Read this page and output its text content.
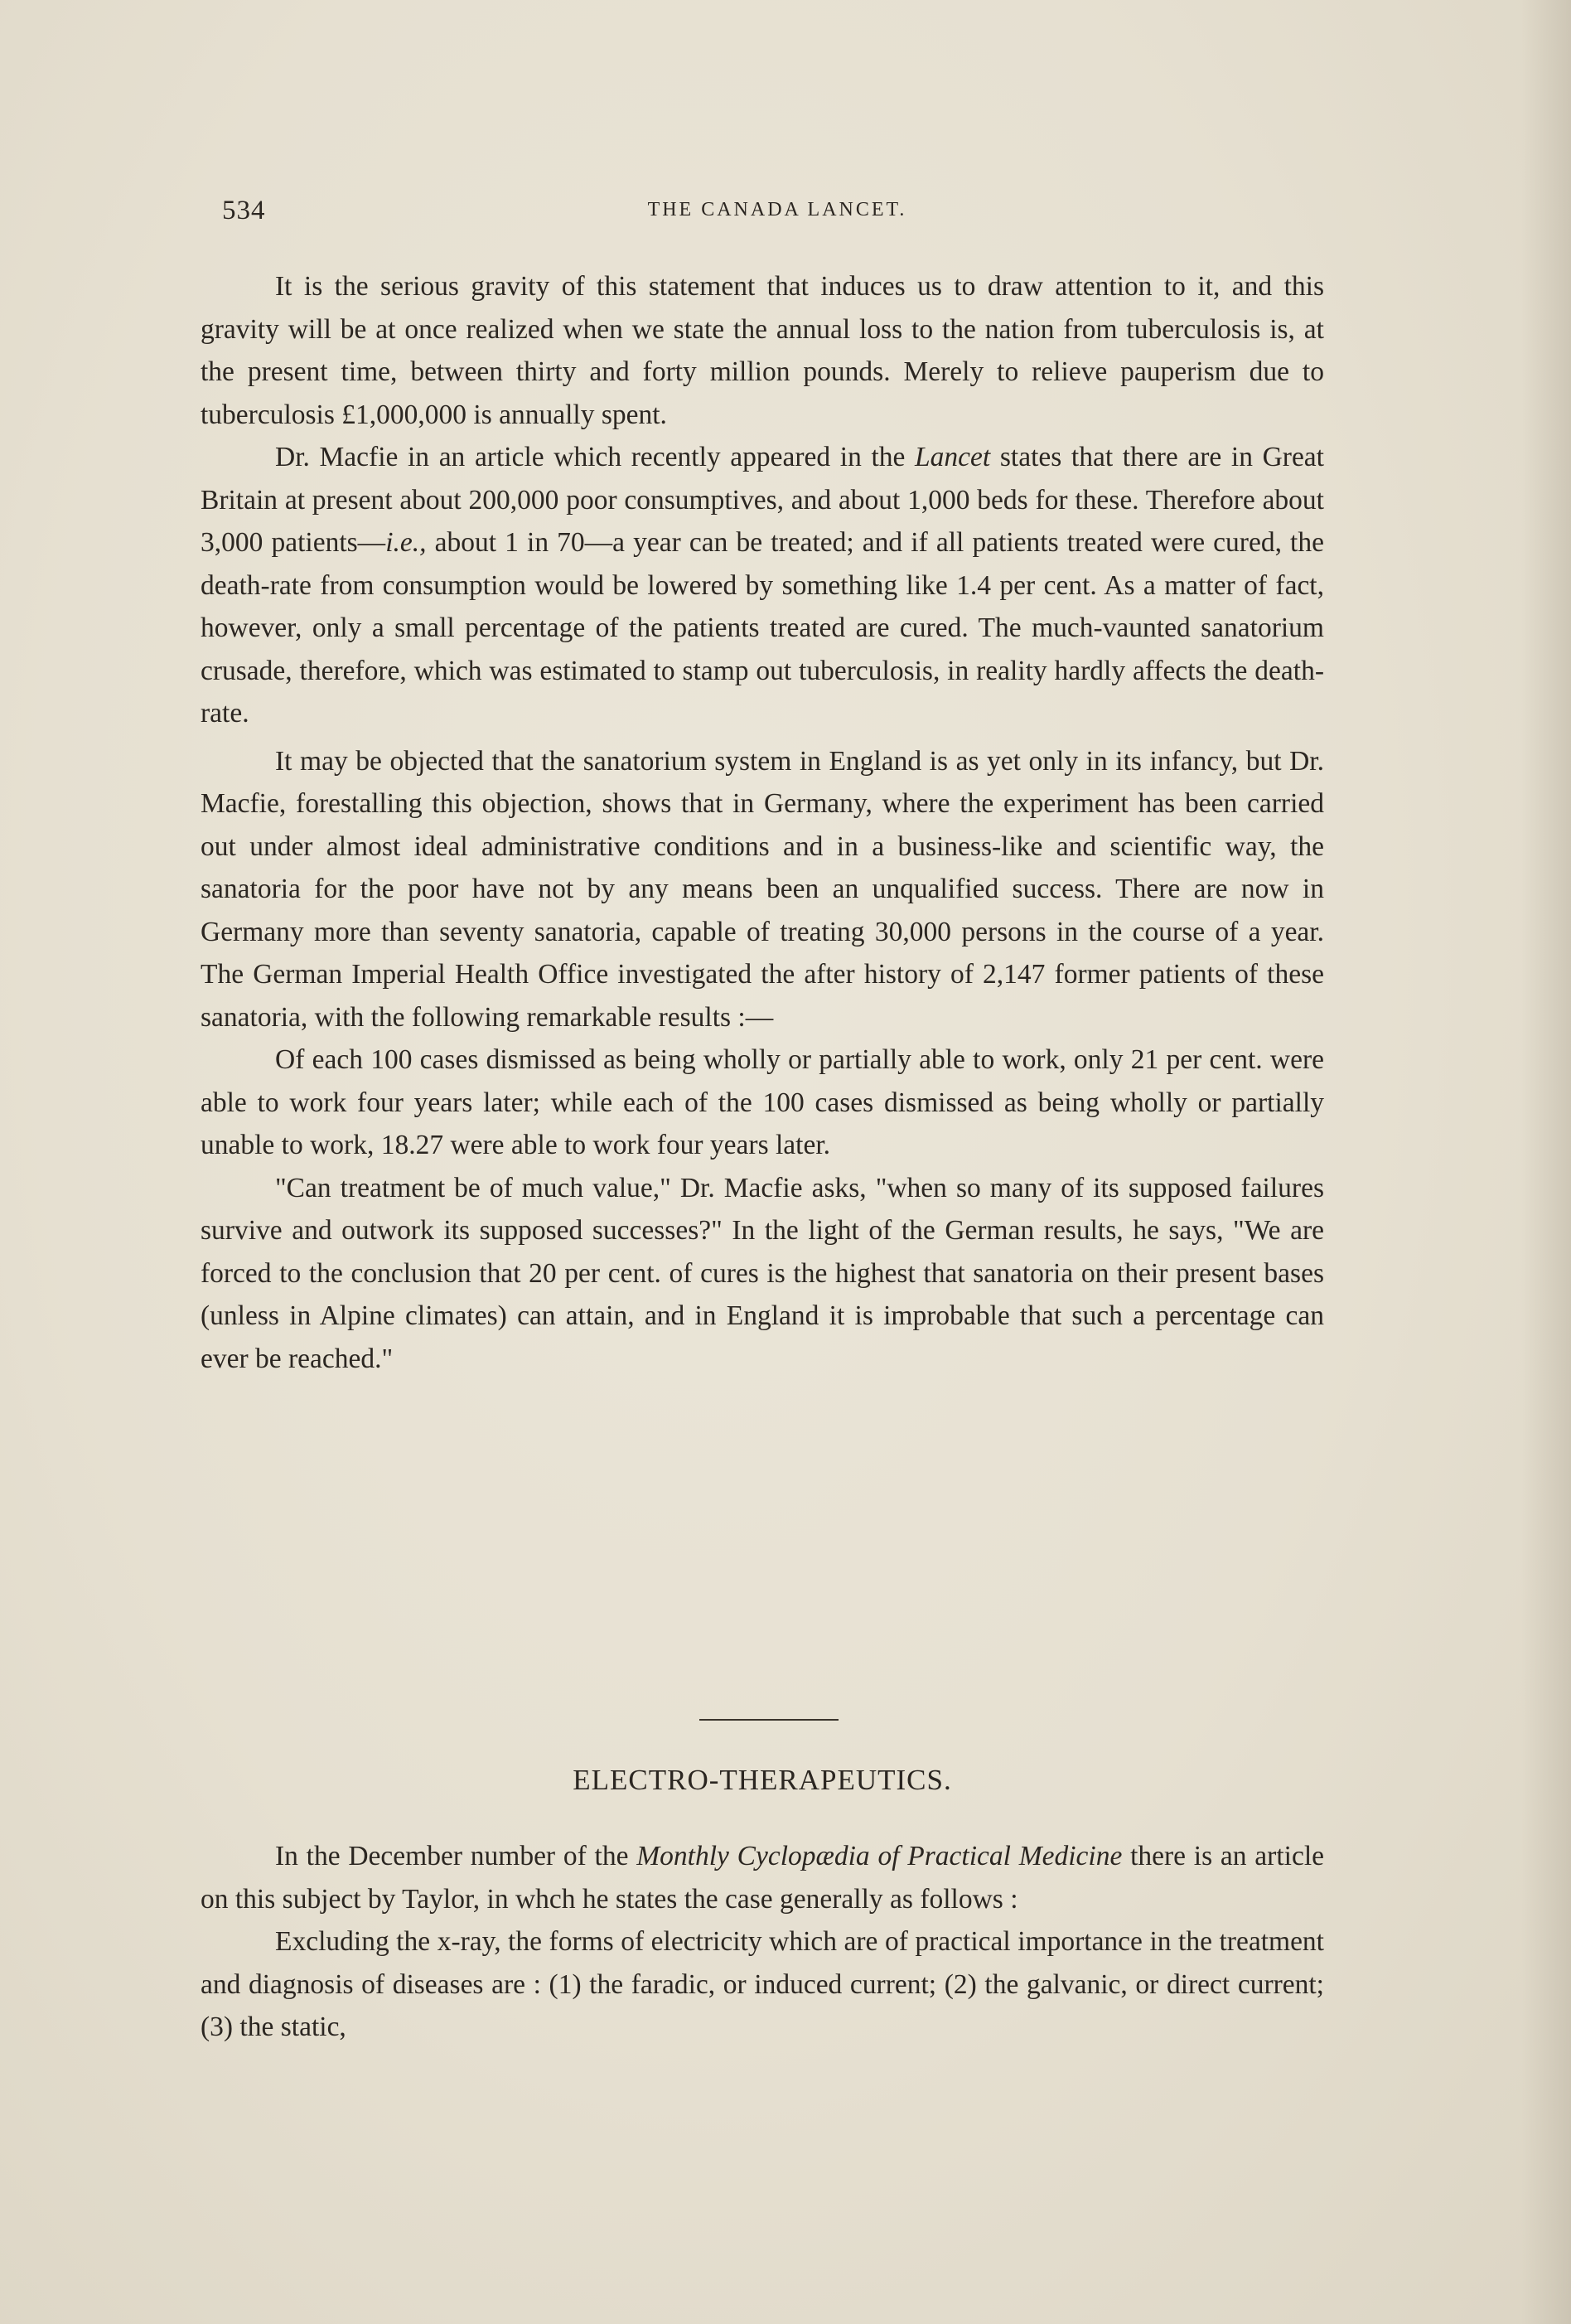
534	THE CANADA LANCET.

It is the serious gravity of this statement that induces us to draw attention to it, and this gravity will be at once realized when we state the annual loss to the nation from tuberculosis is, at the present time, between thirty and forty million pounds. Merely to relieve pauperism due to tuberculosis £1,000,000 is annually spent.

Dr. Macfie in an article which recently appeared in the Lancet states that there are in Great Britain at present about 200,000 poor consumptives, and about 1,000 beds for these. Therefore about 3,000 patients—i.e., about 1 in 70—a year can be treated; and if all patients treated were cured, the death-rate from consumption would be lowered by something like 1.4 per cent. As a matter of fact, however, only a small percentage of the patients treated are cured. The much-vaunted sanatorium crusade, therefore, which was estimated to stamp out tuberculosis, in reality hardly affects the death-rate.

It may be objected that the sanatorium system in England is as yet only in its infancy, but Dr. Macfie, forestalling this objection, shows that in Germany, where the experiment has been carried out under almost ideal administrative conditions and in a business-like and scientific way, the sanatoria for the poor have not by any means been an unqualified success. There are now in Germany more than seventy sanatoria, capable of treating 30,000 persons in the course of a year. The German Imperial Health Office investigated the after history of 2,147 former patients of these sanatoria, with the following remarkable results :—

Of each 100 cases dismissed as being wholly or partially able to work, only 21 per cent. were able to work four years later; while each of the 100 cases dismissed as being wholly or partially unable to work, 18.27 were able to work four years later.

"Can treatment be of much value," Dr. Macfie asks, "when so many of its supposed failures survive and outwork its supposed successes?" In the light of the German results, he says, "We are forced to the conclusion that 20 per cent. of cures is the highest that sanatoria on their present bases (unless in Alpine climates) can attain, and in England it is improbable that such a percentage can ever be reached."

ELECTRO-THERAPEUTICS.

In the December number of the Monthly Cyclopædia of Practical Medicine there is an article on this subject by Taylor, in whch he states the case generally as follows :

Excluding the x-ray, the forms of electricity which are of practical importance in the treatment and diagnosis of diseases are : (1) the faradic, or induced current; (2) the galvanic, or direct current; (3) the static,
